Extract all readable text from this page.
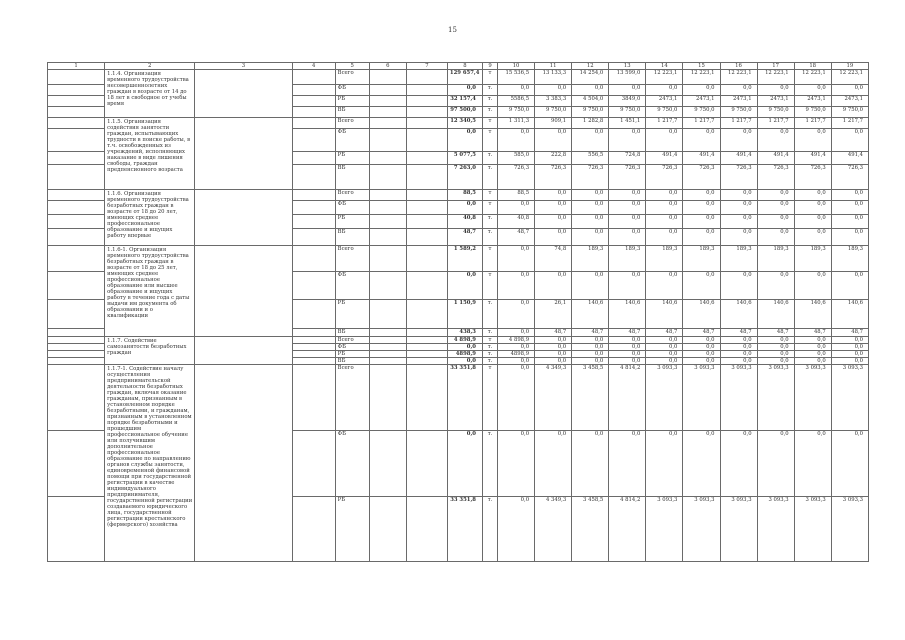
15
1	2	3	4	5	6	7	8	9	10	11	12	13	14	15	16	17	18	19
	1.1.4. Организация временного трудоустройства несовершеннолетних граждан в возрасте от 14 до 18 лет в свободное от учебы время			Всего			129 657,4	т	15 536,5	13 133,3	14 254,0	13 599,0	12 223,1	12 223,1	12 223,1	12 223,1	12 223,1	12 223,1
				ФБ			0,0	т.	0,0	0,0	0,0	0,0	0,0	0,0	0,0	0,0	0,0	0,0
				РБ			32 157,4	т.	5586,5	3 383,3	4 504,0	3849,0	2473,1	2473,1	2473,1	2473,1	2473,1	2473,1
				ВБ			97 500,0	т.	9 750,0	9 750,0	9 750,0	9 750,0	9 750,0	9 750,0	9 750,0	9 750,0	9 750,0	9 750,0
	1.1.5. Организация содействия занятости граждан, испытывающих трудности в поиске работы, в т.ч. освобожденных из учреждений, исполняющих наказание в виде лишения свободы, граждан предпенсионного возраста			Всего			12 340,5	т	1 311,3	909,1	1 282,8	1 451,1	1 217,7	1 217,7	1 217,7	1 217,7	1 217,7	1 217,7
				ФБ			0,0	т	0,0	0,0	0,0	0,0	0,0	0,0	0,0	0,0	0,0	0,0
				РБ			5 077,5	т.	585,0	222,8	556,5	724,8	491,4	491,4	491,4	491,4	491,4	491,4
				ВБ			7 263,0	т.	726,3	726,3	726,3	726,3	726,3	726,3	726,3	726,3	726,3	726,3
	1.1.6. Организация временного трудоустройства безработных граждан в возрасте от 18 до 20 лет, имеющих среднее профессиональное образование и ищущих работу впервые			Всего			88,5	т	88,5	0,0	0,0	0,0	0,0	0,0	0,0	0,0	0,0	0,0
				ФБ			0,0	т	0,0	0,0	0,0	0,0	0,0	0,0	0,0	0,0	0,0	0,0
				РБ			40,8	т.	40,8	0,0	0,0	0,0	0,0	0,0	0,0	0,0	0,0	0,0
				ВБ			48,7	т.	48,7	0,0	0,0	0,0	0,0	0,0	0,0	0,0	0,0	0,0
	1.1.6-1. Организация временного трудоустройства безработных граждан в возрасте от 18 до 25 лет, имеющих среднее профессиональное образование или высшее образование и ищущих работу в течение года с даты выдачи им документа об образовании и о квалификации			Всего			1 589,2	т	0,0	74,8	189,3	189,3	189,3	189,3	189,3	189,3	189,3	189,3
				ФБ			0,0	т	0,0	0,0	0,0	0,0	0,0	0,0	0,0	0,0	0,0	0,0
				РБ			1 150,9	т.	0,0	26,1	140,6	140,6	140,6	140,6	140,6	140,6	140,6	140,6
				ВБ			438,3	т.	0,0	48,7	48,7	48,7	48,7	48,7	48,7	48,7	48,7	48,7
	1.1.7. Содействие самозанятости безработных граждан			Всего			4 898,9	т	4 898,9	0,0	0,0	0,0	0,0	0,0	0,0	0,0	0,0	0,0
				ФБ			0,0	т.	0,0	0,0	0,0	0,0	0,0	0,0	0,0	0,0	0,0	0,0
				РБ			4898,9	т.	4898,9	0,0	0,0	0,0	0,0	0,0	0,0	0,0	0,0	0,0
				ВБ			0,0	т.	0,0	0,0	0,0	0,0	0,0	0,0	0,0	0,0	0,0	0,0
	1.1.7-1. Содействие началу осуществления предпринимательской деятельности безработных граждан, включая оказание гражданам, признанным в установленном порядке безработными, и гражданам, признанным в установленном порядке безработными и прошедшим профессиональное обучение или получившим дополнительное профессиональное образование по направлению органов службы занятости, единовременной финансовой помощи при государственной регистрации в качестве индивидуального предпринимателя, государственной регистрации создаваемого юридического лица, государственной регистрации крестьянского (фермерского) хозяйства			Всего			33 351,8	т	0,0	4 349,3	3 458,5	4 814,2	3 093,3	3 093,3	3 093,3	3 093,3	3 093,3	3 093,3
				ФБ			0,0	т.	0,0	0,0	0,0	0,0	0,0	0,0	0,0	0,0	0,0	0,0
				РБ			33 351,8	т.	0,0	4 349,3	3 458,5	4 814,2	3 093,3	3 093,3	3 093,3	3 093,3	3 093,3	3 093,3
